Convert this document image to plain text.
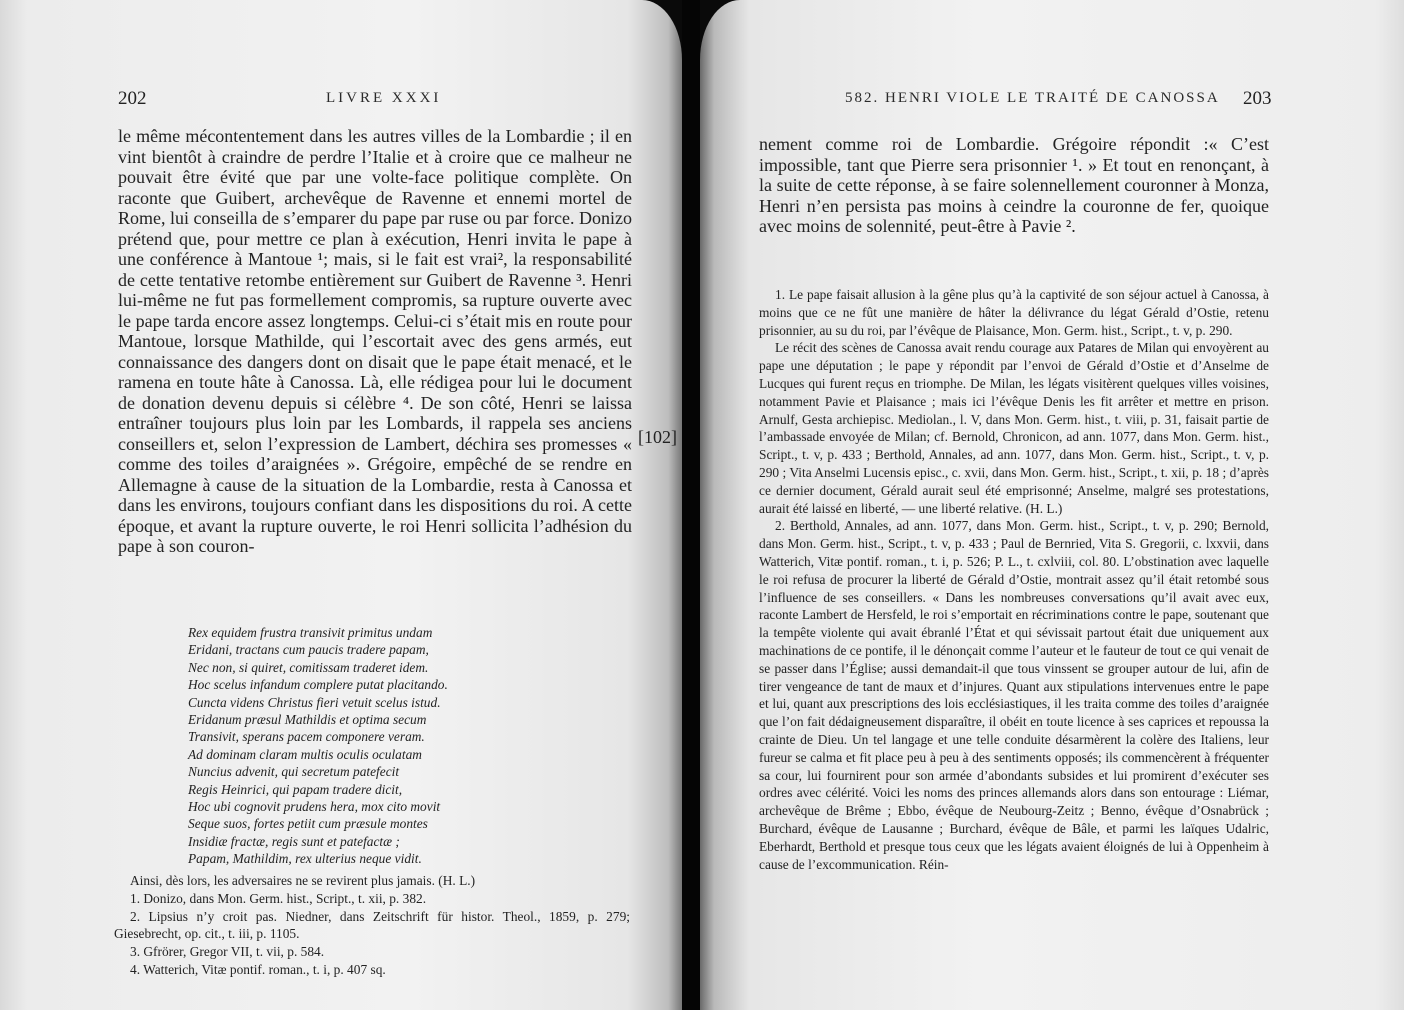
202	LIVRE XXXI

le même mécontentement dans les autres villes de la Lombardie ; il en vint bientôt à craindre de perdre l’Italie et à croire que ce malheur ne pouvait être évité que par une volte-face politique complète. On raconte que Guibert, archevêque de Ravenne et ennemi mortel de Rome, lui conseilla de s’emparer du pape par ruse ou par force. Donizo prétend que, pour mettre ce plan à exécution, Henri invita le pape à une conférence à Mantoue ¹; mais, si le fait est vrai², la responsabilité de cette tentative retombe entièrement sur Guibert de Ravenne ³. Henri lui-même ne fut pas formellement compromis, sa rupture ouverte avec le pape tarda encore assez longtemps. Celui-ci s’était mis en route pour Mantoue, lorsque Mathilde, qui l’escortait avec des gens armés, eut connaissance des dangers dont on disait que le pape était menacé, et le ramena en toute hâte à Canossa. Là, elle rédigea pour lui le document de donation devenu depuis si célèbre ⁴. De son côté, Henri se laissa entraîner toujours plus loin par les Lombards, il rappela ses anciens conseillers et, selon l’expression de Lambert, déchira ses promesses « comme des toiles d’araignées ». Grégoire, empêché de se rendre en Allemagne à cause de la situation de la Lombardie, resta à Canossa et dans les environs, toujours confiant dans les dispositions du roi. A cette époque, et avant la rupture ouverte, le roi Henri sollicita l’adhésion du pape à son couron-

Rex equidem frustra transivit primitus undam
Eridani, tractans cum paucis tradere papam,
Nec non, si quiret, comitissam traderet idem.
Hoc scelus infandum complere putat placitando.
Cuncta videns Christus fieri vetuit scelus istud.
Eridanum præsul Mathildis et optima secum
Transivit, sperans pacem componere veram.
Ad dominam claram multis oculis oculatam
Nuncius advenit, qui secretum patefecit
Regis Heinrici, qui papam tradere dicit,
Hoc ubi cognovit prudens hera, mox cito movit
Seque suos, fortes petiit cum præsule montes
Insidiæ fractæ, regis sunt et patefactæ ;
Papam, Mathildim, rex ulterius neque vidit.

Ainsi, dès lors, les adversaires ne se revirent plus jamais. (H. L.)

1. Donizo, dans Mon. Germ. hist., Script., t. xii, p. 382.

2. Lipsius n’y croit pas. Niedner, dans Zeitschrift für histor. Theol., 1859, p. 279; Giesebrecht, op. cit., t. iii, p. 1105.

3. Gfrörer, Gregor VII, t. vii, p. 584.

4. Watterich, Vitæ pontif. roman., t. i, p. 407 sq.

[102]
582. HENRI VIOLE LE TRAITÉ DE CANOSSA 203

nement comme roi de Lombardie. Grégoire répondit :« C’est impossible, tant que Pierre sera prisonnier ¹. » Et tout en renonçant, à la suite de cette réponse, à se faire solennellement couronner à Monza, Henri n’en persista pas moins à ceindre la couronne de fer, quoique avec moins de solennité, peut-être à Pavie ².

1. Le pape faisait allusion à la gêne plus qu’à la captivité de son séjour actuel à Canossa, à moins que ce ne fût une manière de hâter la délivrance du légat Gérald d’Ostie, retenu prisonnier, au su du roi, par l’évêque de Plaisance, Mon. Germ. hist., Script., t. v, p. 290.

Le récit des scènes de Canossa avait rendu courage aux Patares de Milan qui envoyèrent au pape une députation ; le pape y répondit par l’envoi de Gérald d’Ostie et d’Anselme de Lucques qui furent reçus en triomphe. De Milan, les légats visitèrent quelques villes voisines, notamment Pavie et Plaisance ; mais ici l’évêque Denis les fit arrêter et mettre en prison. Arnulf, Gesta archiepisc. Mediolan., l. V, dans Mon. Germ. hist., t. viii, p. 31, faisait partie de l’ambassade envoyée de Milan; cf. Bernold, Chronicon, ad ann. 1077, dans Mon. Germ. hist., Script., t. v, p. 433 ; Berthold, Annales, ad ann. 1077, dans Mon. Germ. hist., Script., t. v, p. 290 ; Vita Anselmi Lucensis episc., c. xvii, dans Mon. Germ. hist., Script., t. xii, p. 18 ; d’après ce dernier document, Gérald aurait seul été emprisonné; Anselme, malgré ses protestations, aurait été laissé en liberté, — une liberté relative. (H. L.)

2. Berthold, Annales, ad ann. 1077, dans Mon. Germ. hist., Script., t. v, p. 290; Bernold, dans Mon. Germ. hist., Script., t. v, p. 433 ; Paul de Bernried, Vita S. Gregorii, c. lxxvii, dans Watterich, Vitæ pontif. roman., t. i, p. 526; P. L., t. cxlviii, col. 80. L’obstination avec laquelle le roi refusa de procurer la liberté de Gérald d’Ostie, montrait assez qu’il était retombé sous l’influence de ses conseillers. « Dans les nombreuses conversations qu’il avait avec eux, raconte Lambert de Hersfeld, le roi s’emportait en récriminations contre le pape, soutenant que la tempête violente qui avait ébranlé l’État et qui sévissait partout était due uniquement aux machinations de ce pontife, il le dénonçait comme l’auteur et le fauteur de tout ce qui venait de se passer dans l’Église; aussi demandait-il que tous vinssent se grouper autour de lui, afin de tirer vengeance de tant de maux et d’injures. Quant aux stipulations intervenues entre le pape et lui, quant aux prescriptions des lois ecclésiastiques, il les traita comme des toiles d’araignée que l’on fait dédaigneusement disparaître, il obéit en toute licence à ses caprices et repoussa la crainte de Dieu. Un tel langage et une telle conduite désarmèrent la colère des Italiens, leur fureur se calma et fit place peu à peu à des sentiments opposés; ils commencèrent à fréquenter sa cour, lui fournirent pour son armée d’abondants subsides et lui promirent d’exécuter ses ordres avec célérité. Voici les noms des princes allemands alors dans son entourage : Liémar, archevêque de Brême ; Ebbo, évêque de Neubourg-Zeitz ; Benno, évêque d’Osnabrück ; Burchard, évêque de Lausanne ; Burchard, évêque de Bâle, et parmi les laïques Udalric, Eberhardt, Berthold et presque tous ceux que les légats avaient éloignés de lui à Oppenheim à cause de l’excommunication. Réin-
